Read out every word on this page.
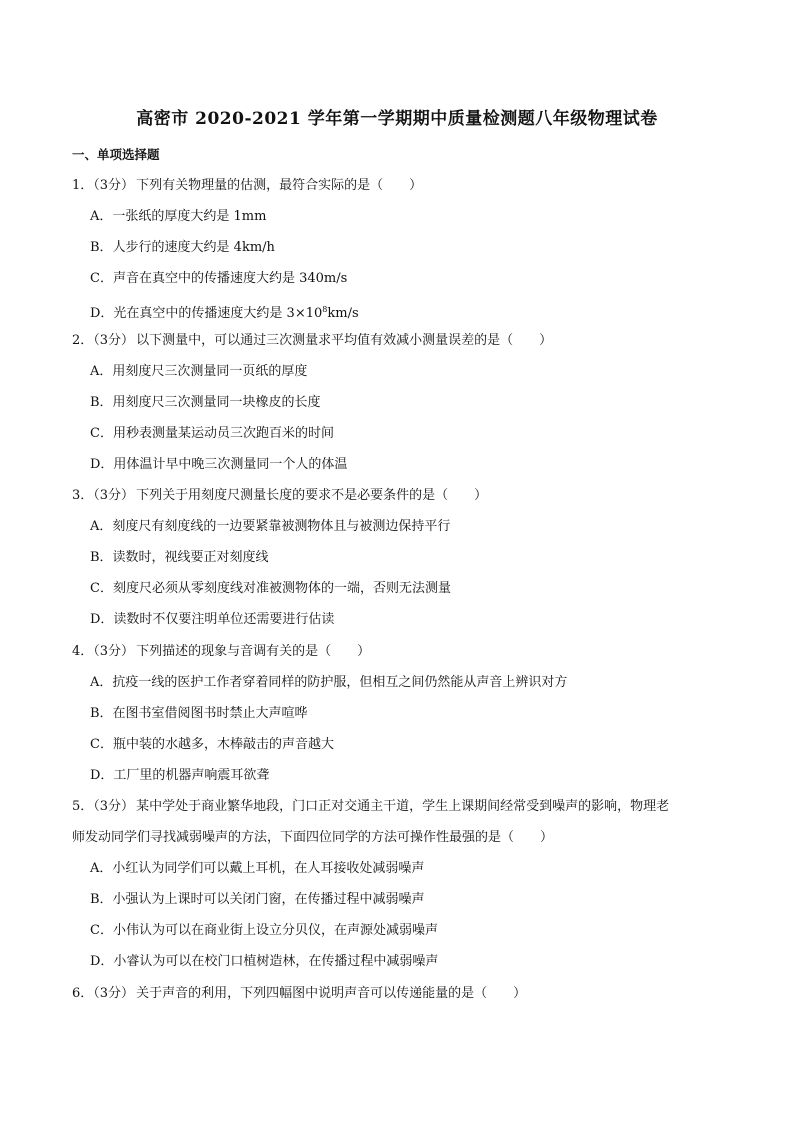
高密市 2020-2021 学年第一学期期中质量检测题八年级物理试卷
一、单项选择题
1．（3分） 下列有关物理量的估测，最符合实际的是（　　）
A．一张纸的厚度大约是 1mm
B．人步行的速度大约是 4km/h
C．声音在真空中的传播速度大约是 340m/s
D．光在真空中的传播速度大约是 $3\times 10^8km/s$
2．（3分） 以下测量中，可以通过三次测量求平均值有效减小测量误差的是（　　）
A．用刻度尺三次测量同一页纸的厚度
B．用刻度尺三次测量同一块橡皮的长度
C．用秒表测量某运动员三次跑百米的时间
D．用体温计早中晚三次测量同一个人的体温
3．（3分） 下列关于用刻度尺测量长度的要求不是必要条件的是（　　）
A．刻度尺有刻度线的一边要紧靠被测物体且与被测边保持平行
B．读数时，视线要正对刻度线
C．刻度尺必须从零刻度线对准被测物体的一端，否则无法测量
D．读数时不仅要注明单位还需要进行估读
4．（3分） 下列描述的现象与音调有关的是（　　）
A．抗疫一线的医护工作者穿着同样的防护服，但相互之间仍然能从声音上辨识对方
B．在图书室借阅图书时禁止大声喧哗
C．瓶中装的水越多，木棒敲击的声音越大
D．工厂里的机器声响震耳欲聋
5．（3分） 某中学处于商业繁华地段，门口正对交通主干道，学生上课期间经常受到噪声的影响，物理老
师发动同学们寻找减弱噪声的方法，下面四位同学的方法可操作性最强的是（　　）
A．小红认为同学们可以戴上耳机，在人耳接收处减弱噪声
B．小强认为上课时可以关闭门窗，在传播过程中减弱噪声
C．小伟认为可以在商业街上设立分贝仪，在声源处减弱噪声
D．小睿认为可以在校门口植树造林，在传播过程中减弱噪声
6．（3分） 关于声音的利用，下列四幅图中说明声音可以传递能量的是（　　）
